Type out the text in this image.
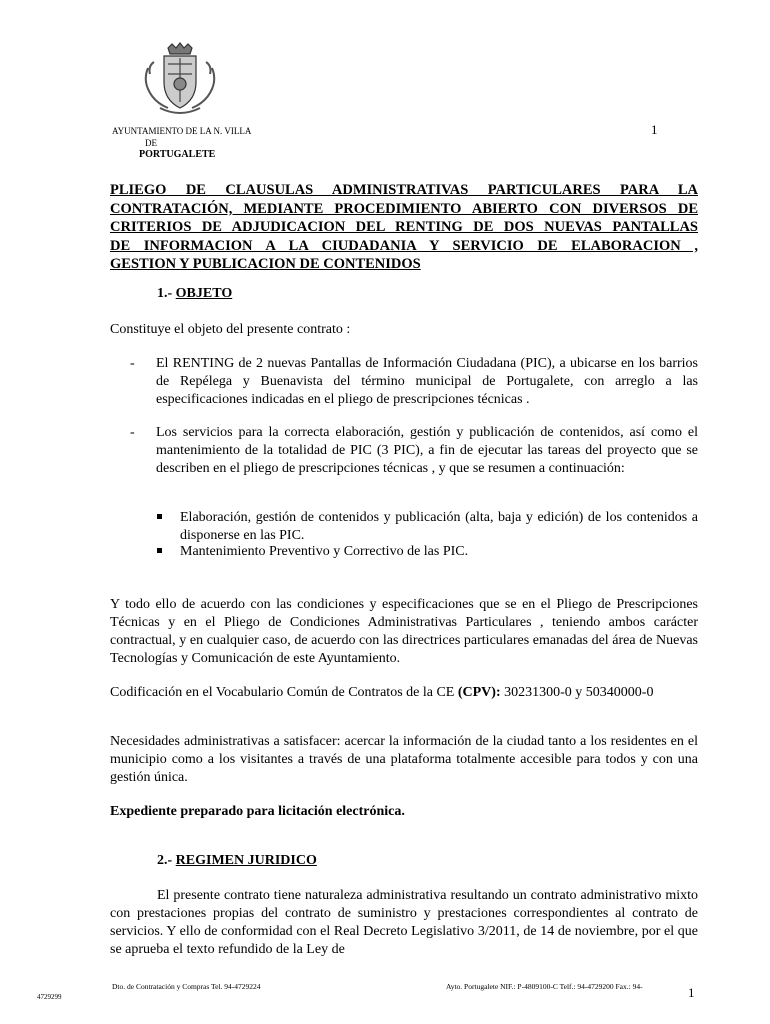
AYUNTAMIENTO DE LA N. VILLA
DE
PORTUGALETE
1
PLIEGO DE CLAUSULAS ADMINISTRATIVAS PARTICULARES PARA LA
CONTRATACIÓN, MEDIANTE PROCEDIMIENTO ABIERTO CON DIVERSOS DE
CRITERIOS DE ADJUDICACION DEL RENTING DE DOS NUEVAS PANTALLAS
DE INFORMACION A LA CIUDADANIA Y SERVICIO DE ELABORACION ,
GESTION Y PUBLICACION DE CONTENIDOS
1.- OBJETO
Constituye el objeto del presente contrato :
- El RENTING de 2 nuevas Pantallas de Información Ciudadana (PIC), a ubicarse en los barrios de Repélega y Buenavista del término municipal de Portugalete, con arreglo a las especificaciones indicadas en el pliego de prescripciones técnicas .
- Los servicios para la correcta elaboración, gestión y publicación de contenidos, así como el mantenimiento de la totalidad de PIC (3 PIC), a fin de ejecutar las tareas del proyecto que se describen en el pliego de prescripciones técnicas , y que se resumen a continuación:
Elaboración, gestión de contenidos y publicación (alta, baja y edición) de los contenidos a disponerse en las PIC.
Mantenimiento Preventivo y Correctivo de las PIC.
Y todo ello de acuerdo con las condiciones y especificaciones que se en el Pliego de Prescripciones Técnicas y en el Pliego de Condiciones Administrativas Particulares , teniendo ambos carácter contractual, y en cualquier caso, de acuerdo con las directrices particulares emanadas del área de Nuevas Tecnologías y Comunicación de este Ayuntamiento.
Codificación en el Vocabulario Común de Contratos de la CE (CPV): 30231300-0 y 50340000-0
Necesidades administrativas a satisfacer: acercar la información de la ciudad tanto a los residentes en el municipio como a los visitantes a través de una plataforma totalmente accesible para todos y con una gestión única.
Expediente preparado para licitación electrónica.
2.- REGIMEN JURIDICO
El presente contrato tiene naturaleza administrativa resultando un contrato administrativo mixto con prestaciones propias del contrato de suministro y prestaciones correspondientes al contrato de servicios. Y ello de conformidad con el Real Decreto Legislativo 3/2011, de 14 de noviembre, por el que se aprueba el texto refundido de la Ley de
Dto. de Contratación y Compras Tel. 94-4729224	Ayto. Portugalete NIF.: P-4809100-C Telf.: 94-4729200 Fax.: 94-	1
4729299
